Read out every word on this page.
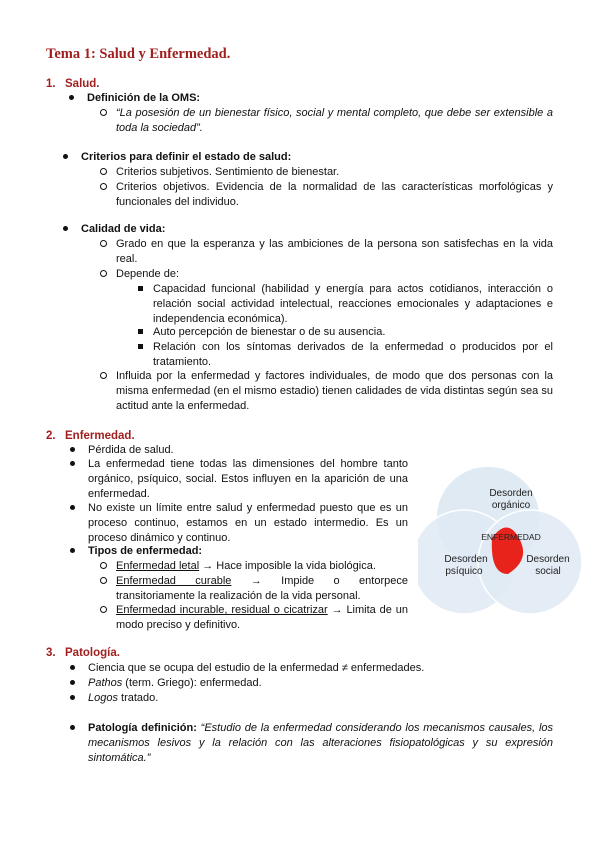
Tema 1: Salud y Enfermedad.
1. Salud.
Definición de la OMS:
“La posesión de un bienestar físico, social y mental completo, que debe ser extensible a toda la sociedad”.
Criterios para definir el estado de salud:
Criterios subjetivos. Sentimiento de bienestar.
Criterios objetivos. Evidencia de la normalidad de las características morfológicas y funcionales del individuo.
Calidad de vida:
Grado en que la esperanza y las ambiciones de la persona son satisfechas en la vida real.
Depende de:
Capacidad funcional (habilidad y energía para actos cotidianos, interacción o relación social actividad intelectual, reacciones emocionales y adaptaciones e independencia económica).
Auto percepción de bienestar o de su ausencia.
Relación con los síntomas derivados de la enfermedad o producidos por el tratamiento.
Influida por la enfermedad y factores individuales, de modo que dos personas con la misma enfermedad (en el mismo estadio) tienen calidades de vida distintas según sea su actitud ante la enfermedad.
2. Enfermedad.
Pérdida de salud.
La enfermedad tiene todas las dimensiones del hombre tanto orgánico, psíquico, social. Estos influyen en la aparición de una enfermedad.
No existe un límite entre salud y enfermedad puesto que es un proceso continuo, estamos en un estado intermedio. Es un proceso dinámico y continuo.
Tipos de enfermedad:
Enfermedad letal → Hace imposible la vida biológica.
Enfermedad curable → Impide o entorpece transitoriamente la realización de la vida personal.
Enfermedad incurable, residual o cicatrizar → Limita de un modo preciso y definitivo.
Desorden orgánico
Desorden psíquico
Desorden social
ENFERMEDAD
3. Patología.
Ciencia que se ocupa del estudio de la enfermedad ≠ enfermedades.
Pathos (term. Griego): enfermedad.
Logos tratado.
Patología definición: “Estudio de la enfermedad considerando los mecanismos causales, los mecanismos lesivos y la relación con las alteraciones fisiopatológicas y su expresión sintomática.”
